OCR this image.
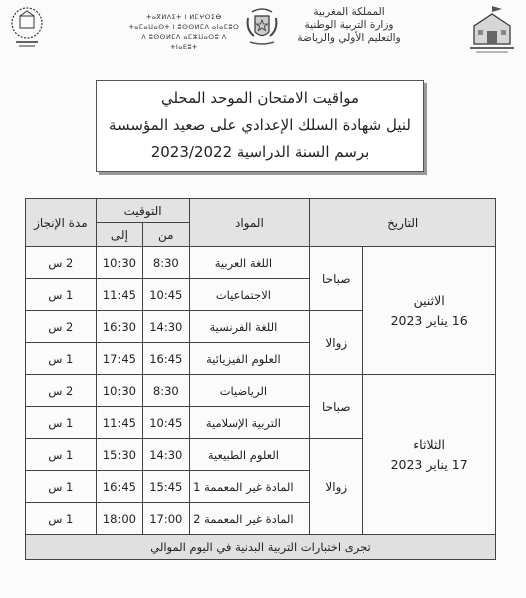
ⵜⴰⴳⵍⴷⵉⵜ ⵏ ⵍⵎⵖⵔⵉⴱ
ⵜⴰⵎⴰⵡⴰⵙⵜ ⵏ ⵓⵙⵙⵍⵎⴷ ⴰⵏⴰⵎⵓⵔ
ⴷ ⵓⵙⵙⵍⵎⴷ ⴰⵎⵣⵡⴰⵔⵓ ⴷ ⵜⵏⴰⴹⵓⵜ
المملكة المغربية
وزارة التربية الوطنية
والتعليم الأولي والرياضة
مواقيت الامتحان الموحد المحلي
لنيل شهادة السلك الإعدادي على صعيد المؤسسة
برسم السنة الدراسية 2023/2022
التاريخ		المواد	التوقيت		مدة الإنجاز
			من	إلى	

الاثنين
16 يناير 2023	صباحا	اللغة العربية	8:30	10:30	2 س
		الاجتماعيات	10:45	11:45	1 س
	زوالا	اللغة الفرنسية	14:30	16:30	2 س
		العلوم الفيزيائية	16:45	17:45	1 س

الثلاثاء
17 يناير 2023	صباحا	الرياضيات	8:30	10:30	2 س
		التربية الإسلامية	10:45	11:45	1 س
	زوالا	العلوم الطبيعية	14:30	15:30	1 س
		المادة غير المعممة 1	15:45	16:45	1 س
		المادة غير المعممة 2	17:00	18:00	1 س
تجرى اختبارات التربية البدنية في اليوم الموالي					
